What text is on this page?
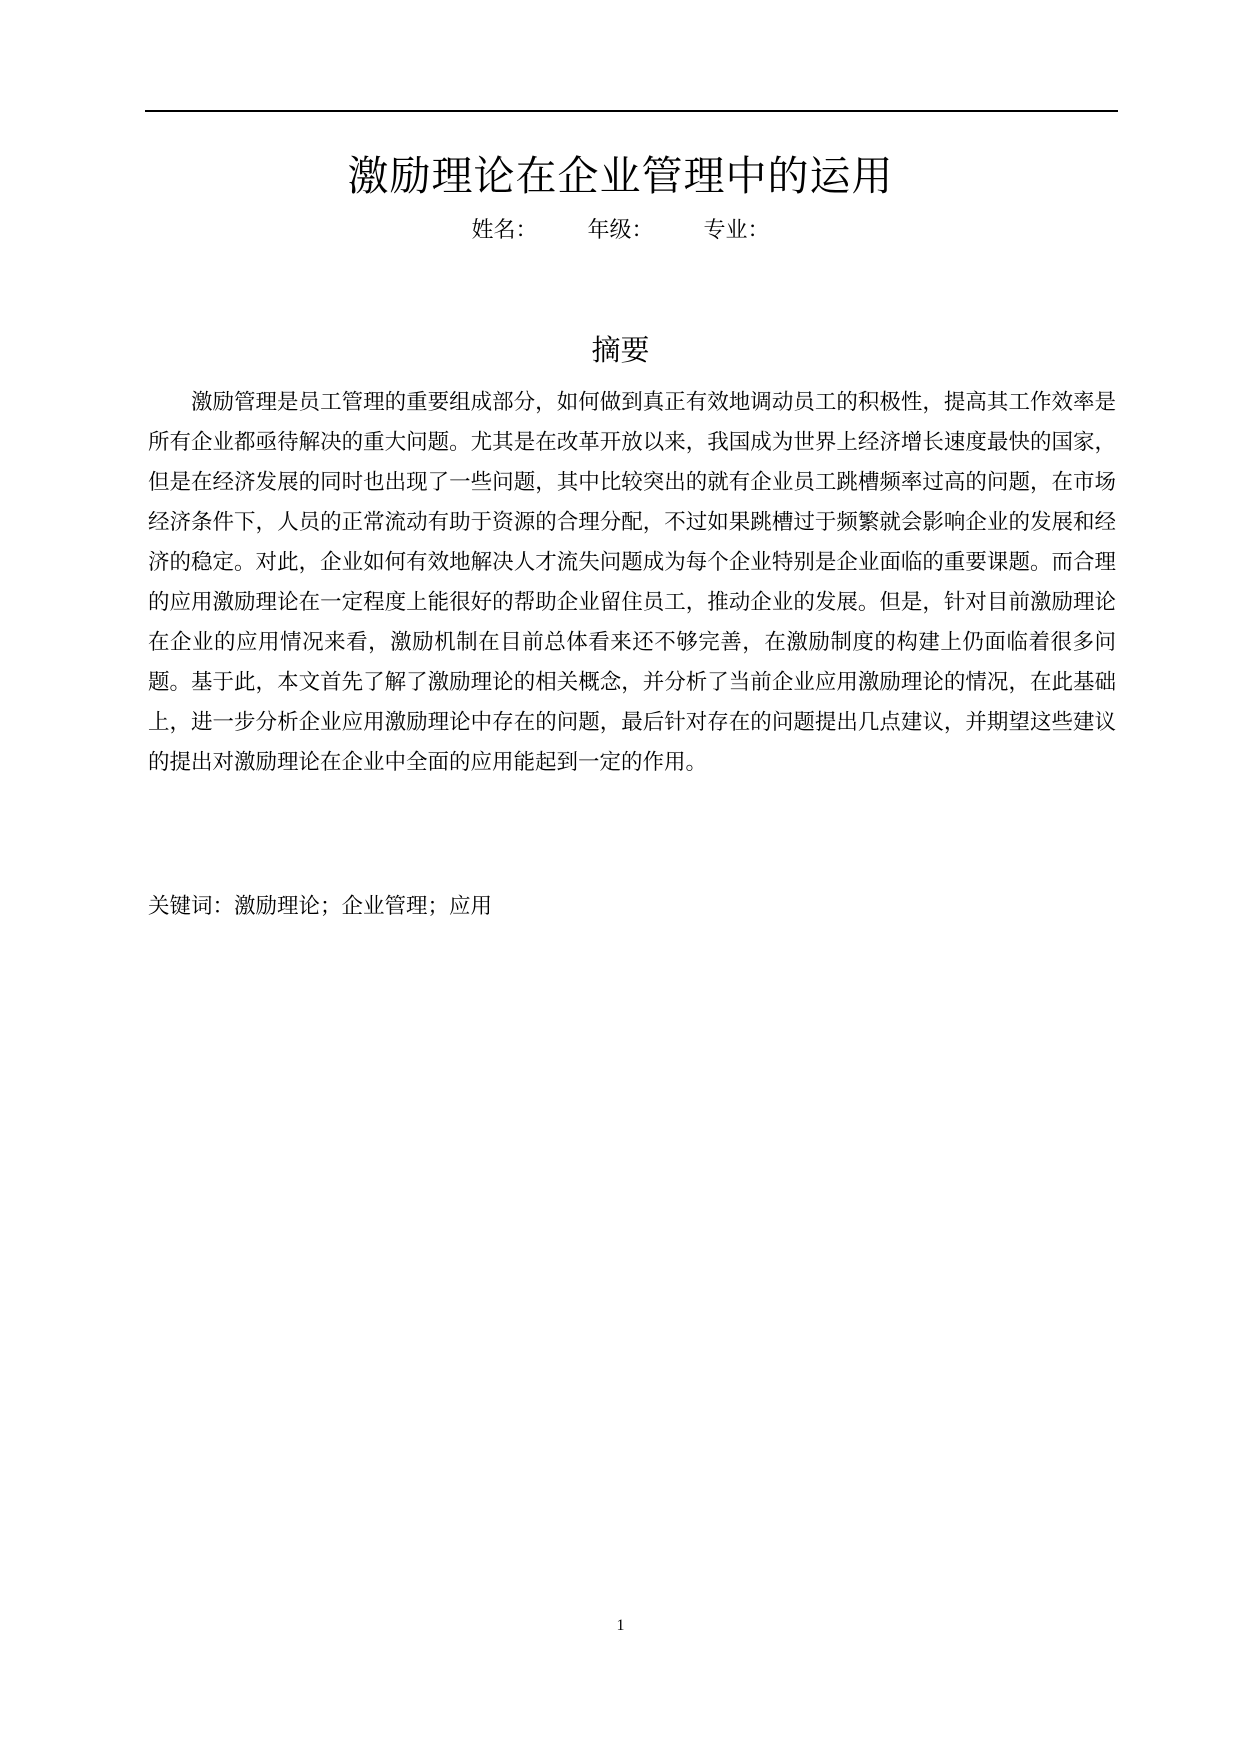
激励理论在企业管理中的运用
姓名： 年级： 专业：
摘要

激励管理是员工管理的重要组成部分，如何做到真正有效地调动员工的积极性，提高其工作效率是所有企业都亟待解决的重大问题。尤其是在改革开放以来，我国成为世界上经济增长速度最快的国家，但是在经济发展的同时也出现了一些问题，其中比较突出的就有企业员工跳槽频率过高的问题，在市场经济条件下，人员的正常流动有助于资源的合理分配，不过如果跳槽过于频繁就会影响企业的发展和经济的稳定。对此，企业如何有效地解决人才流失问题成为每个企业特别是企业面临的重要课题。而合理的应用激励理论在一定程度上能很好的帮助企业留住员工，推动企业的发展。但是，针对目前激励理论在企业的应用情况来看，激励机制在目前总体看来还不够完善，在激励制度的构建上仍面临着很多问题。基于此，本文首先了解了激励理论的相关概念，并分析了当前企业应用激励理论的情况，在此基础上，进一步分析企业应用激励理论中存在的问题，最后针对存在的问题提出几点建议，并期望这些建议的提出对激励理论在企业中全面的应用能起到一定的作用。

关键词：激励理论；企业管理；应用
1
